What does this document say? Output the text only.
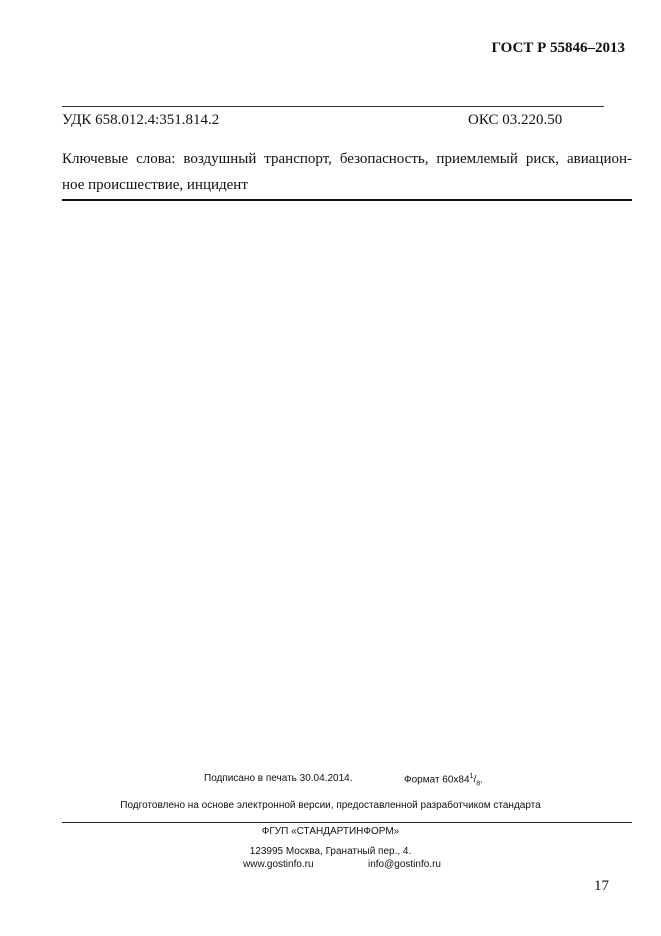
ГОСТ Р 55846–2013
УДК 658.012.4:351.814.2	ОКС 03.220.50
Ключевые слова: воздушный транспорт, безопасность, приемлемый риск, авиацион-
ное происшествие, инцидент
Подписано в печать 30.04.2014.	Формат $60x84^1/_8$.
Подготовлено на основе электронной версии, предоставленной разработчиком стандарта
ФГУП «СТАНДАРТИНФОРМ»
123995 Москва, Гранатный пер., 4.
www.gostinfo.ru	info@gostinfo.ru
17
